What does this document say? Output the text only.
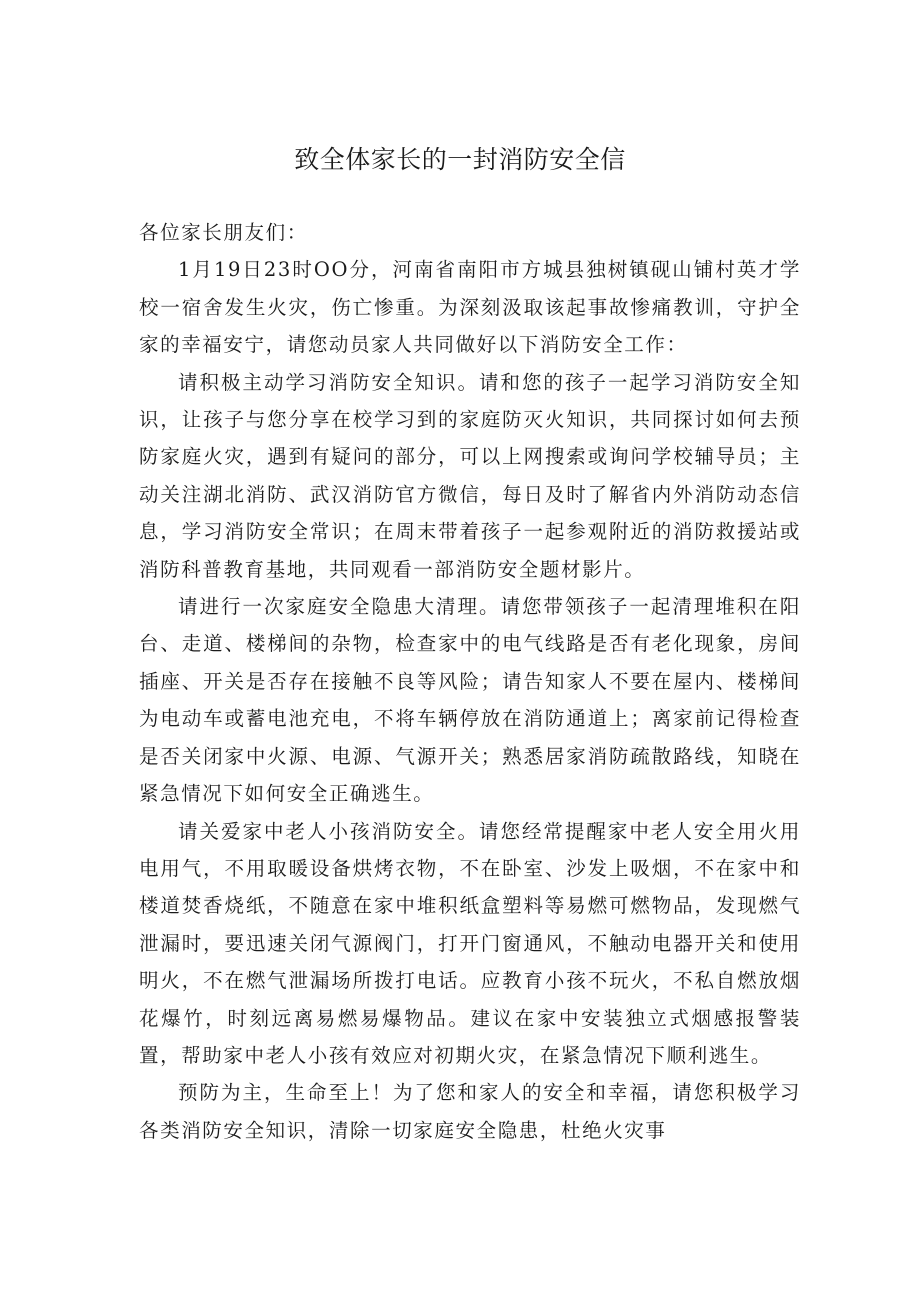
致全体家长的一封消防安全信

各位家长朋友们：

1月19日23时OO分，河南省南阳市方城县独树镇砚山铺村英才学校一宿舍发生火灾，伤亡惨重。为深刻汲取该起事故惨痛教训，守护全家的幸福安宁，请您动员家人共同做好以下消防安全工作：

请积极主动学习消防安全知识。请和您的孩子一起学习消防安全知识，让孩子与您分享在校学习到的家庭防灭火知识，共同探讨如何去预防家庭火灾，遇到有疑问的部分，可以上网搜索或询问学校辅导员；主动关注湖北消防、武汉消防官方微信，每日及时了解省内外消防动态信息，学习消防安全常识；在周末带着孩子一起参观附近的消防救援站或消防科普教育基地，共同观看一部消防安全题材影片。

请进行一次家庭安全隐患大清理。请您带领孩子一起清理堆积在阳台、走道、楼梯间的杂物，检查家中的电气线路是否有老化现象，房间插座、开关是否存在接触不良等风险；请告知家人不要在屋内、楼梯间为电动车或蓄电池充电，不将车辆停放在消防通道上；离家前记得检查是否关闭家中火源、电源、气源开关；熟悉居家消防疏散路线，知晓在紧急情况下如何安全正确逃生。

请关爱家中老人小孩消防安全。请您经常提醒家中老人安全用火用电用气，不用取暖设备烘烤衣物，不在卧室、沙发上吸烟，不在家中和楼道焚香烧纸，不随意在家中堆积纸盒塑料等易燃可燃物品，发现燃气泄漏时，要迅速关闭气源阀门，打开门窗通风，不触动电器开关和使用明火，不在燃气泄漏场所拨打电话。应教育小孩不玩火，不私自燃放烟花爆竹，时刻远离易燃易爆物品。建议在家中安装独立式烟感报警装置，帮助家中老人小孩有效应对初期火灾，在紧急情况下顺利逃生。

预防为主，生命至上！为了您和家人的安全和幸福，请您积极学习各类消防安全知识，清除一切家庭安全隐患，杜绝火灾事
